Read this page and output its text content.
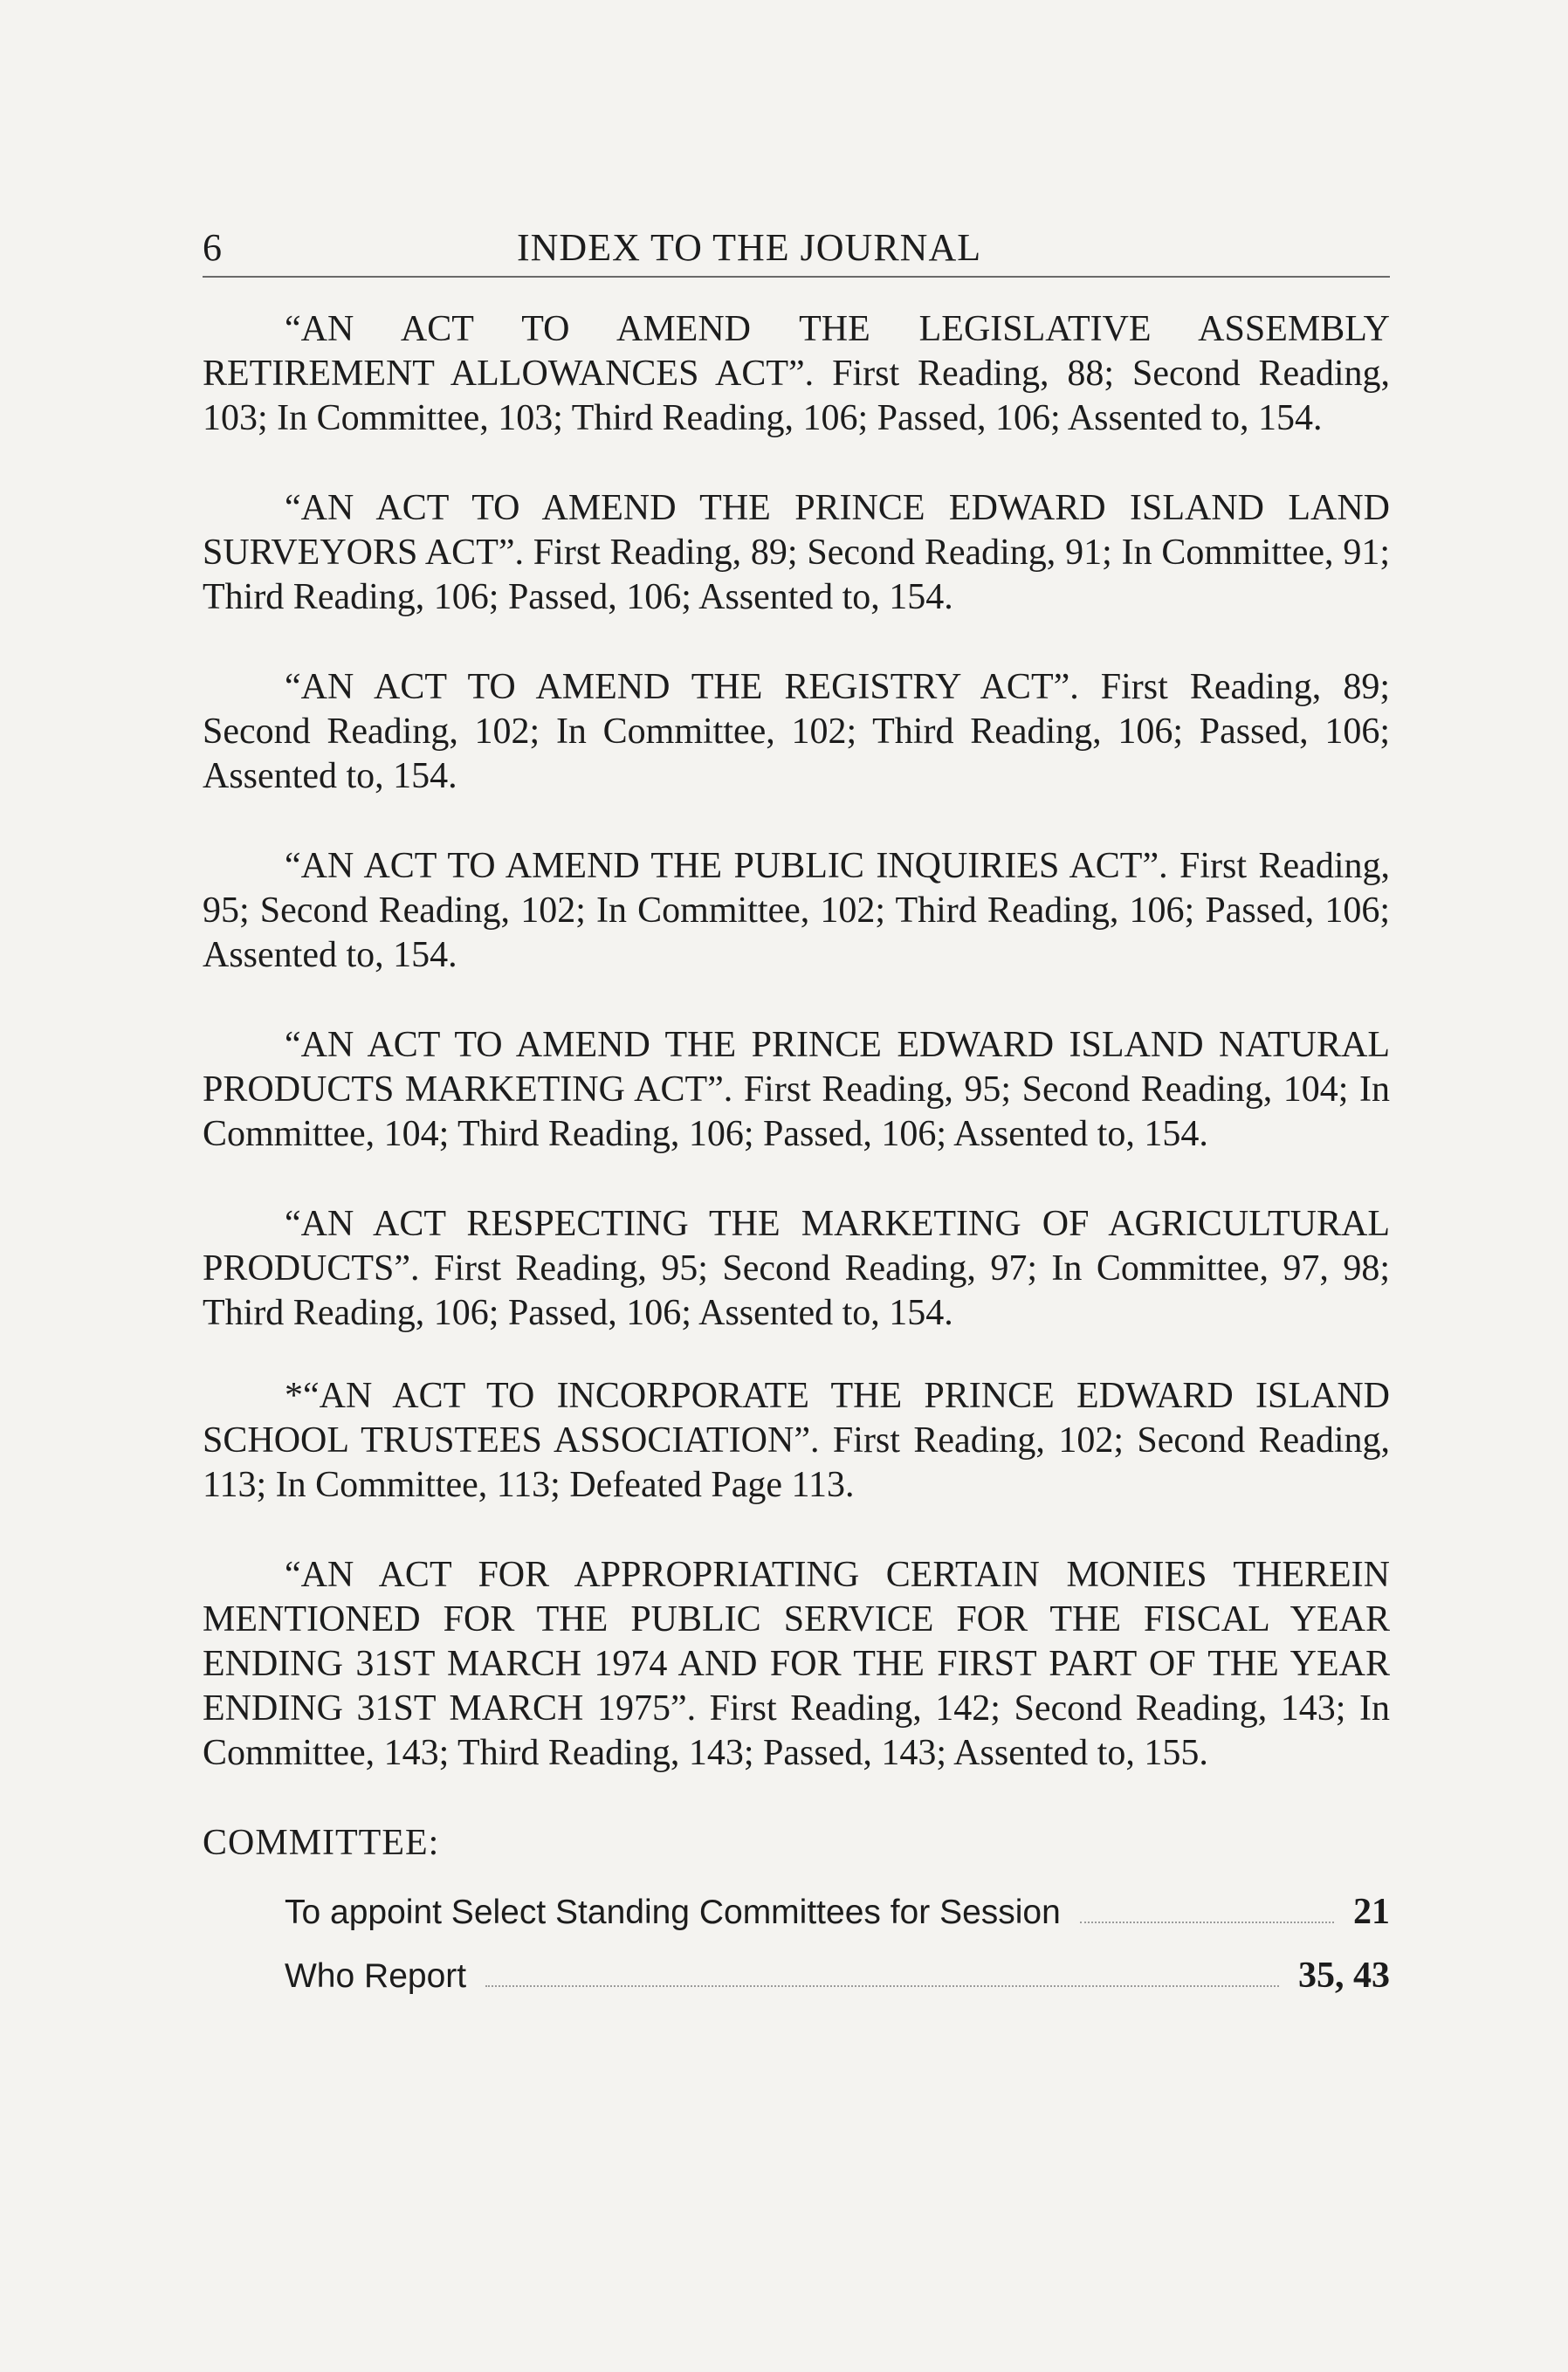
6	INDEX TO THE JOURNAL

“AN ACT TO AMEND THE LEGISLATIVE ASSEMBLY RETIREMENT ALLOWANCES ACT”. First Reading, 88; Second Reading, 103; In Committee, 103; Third Reading, 106; Passed, 106; Assented to, 154.

“AN ACT TO AMEND THE PRINCE EDWARD ISLAND LAND SURVEYORS ACT”. First Reading, 89; Second Reading, 91; In Committee, 91; Third Reading, 106; Passed, 106; Assented to, 154.

“AN ACT TO AMEND THE REGISTRY ACT”. First Reading, 89; Second Reading, 102; In Committee, 102; Third Reading, 106; Passed, 106; Assented to, 154.

“AN ACT TO AMEND THE PUBLIC INQUIRIES ACT”. First Reading, 95; Second Reading, 102; In Committee, 102; Third Reading, 106; Passed, 106; Assented to, 154.

“AN ACT TO AMEND THE PRINCE EDWARD ISLAND NATURAL PRODUCTS MARKETING ACT”. First Reading, 95; Second Reading, 104; In Committee, 104; Third Reading, 106; Passed, 106; Assented to, 154.

“AN ACT RESPECTING THE MARKETING OF AGRICULTURAL PRODUCTS”. First Reading, 95; Second Reading, 97; In Committee, 97, 98; Third Reading, 106; Passed, 106; Assented to, 154.

*“AN ACT TO INCORPORATE THE PRINCE EDWARD ISLAND SCHOOL TRUSTEES ASSOCIATION”. First Reading, 102; Second Reading, 113; In Committee, 113; Defeated Page 113.

“AN ACT FOR APPROPRIATING CERTAIN MONIES THEREIN MENTIONED FOR THE PUBLIC SERVICE FOR THE FISCAL YEAR ENDING 31ST MARCH 1974 AND FOR THE FIRST PART OF THE YEAR ENDING 31ST MARCH 1975”. First Reading, 142; Second Reading, 143; In Committee, 143; Third Reading, 143; Passed, 143; Assented to, 155.

COMMITTEE:
To appoint Select Standing Committees for Session	21
Who Report	35, 43
